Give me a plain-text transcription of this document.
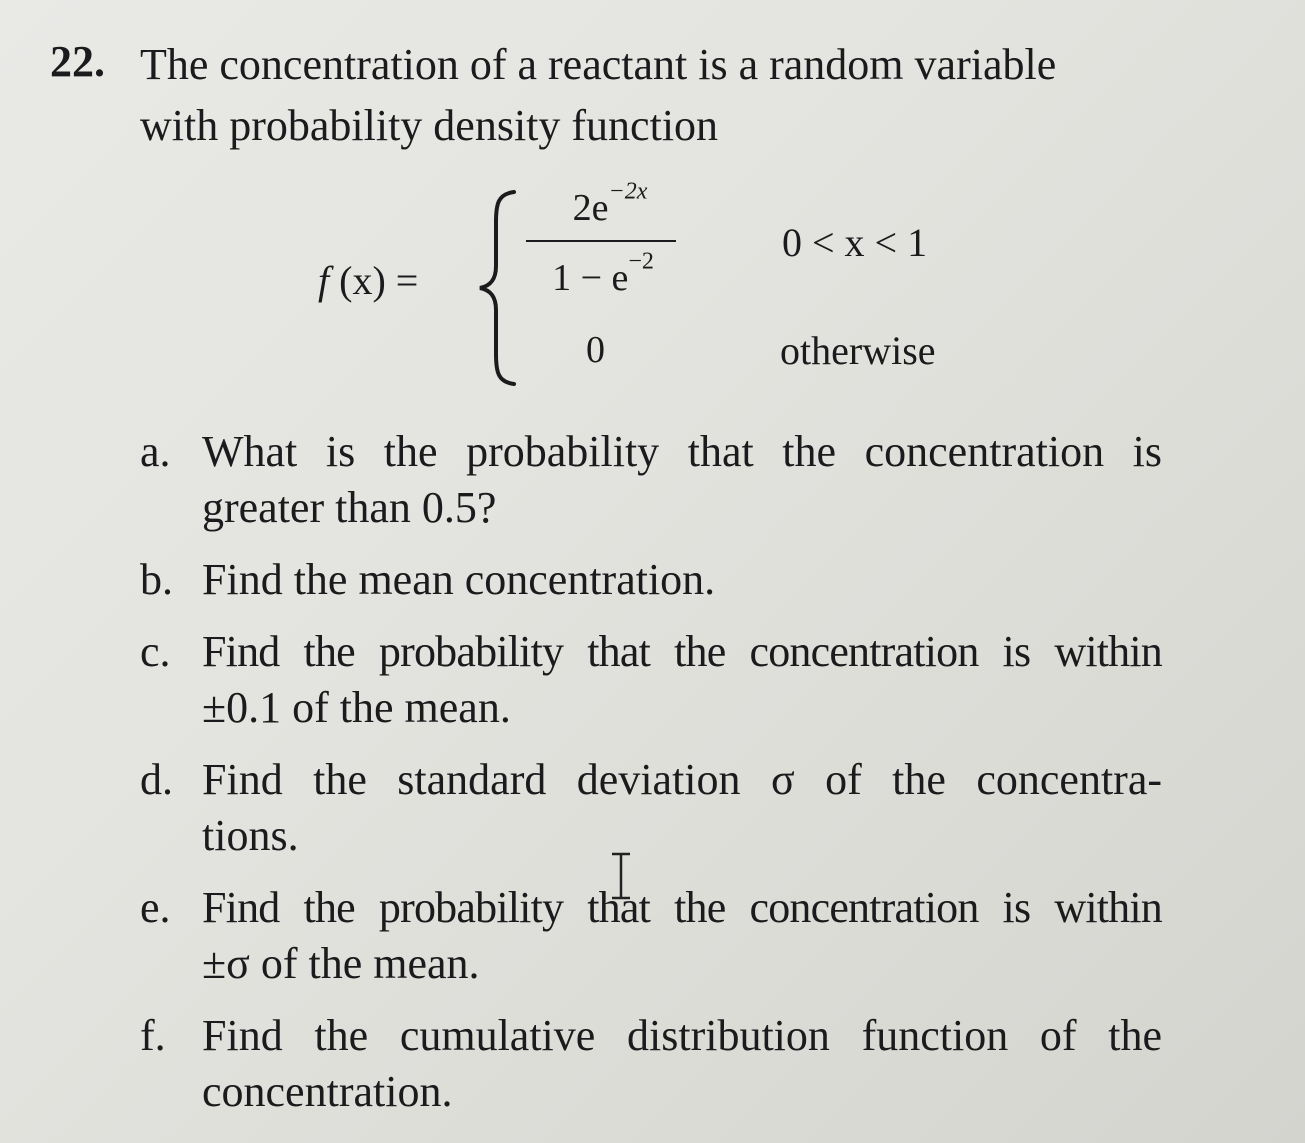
22. The concentration of a reactant is a random variable
with probability density function
f (x) =
$2e^{-2x}$
$1 - e^{-2}$
0
0 < x < 1
otherwise
a. What is the probability that the concentration is
greater than 0.5?
b. Find the mean concentration.
c. Find the probability that the concentration is within
±0.1 of the mean.
d. Find the standard deviation σ of the concentra-
tions.
e. Find the probability that the concentration is within
±σ of the mean.
f. Find the cumulative distribution function of the
concentration.
